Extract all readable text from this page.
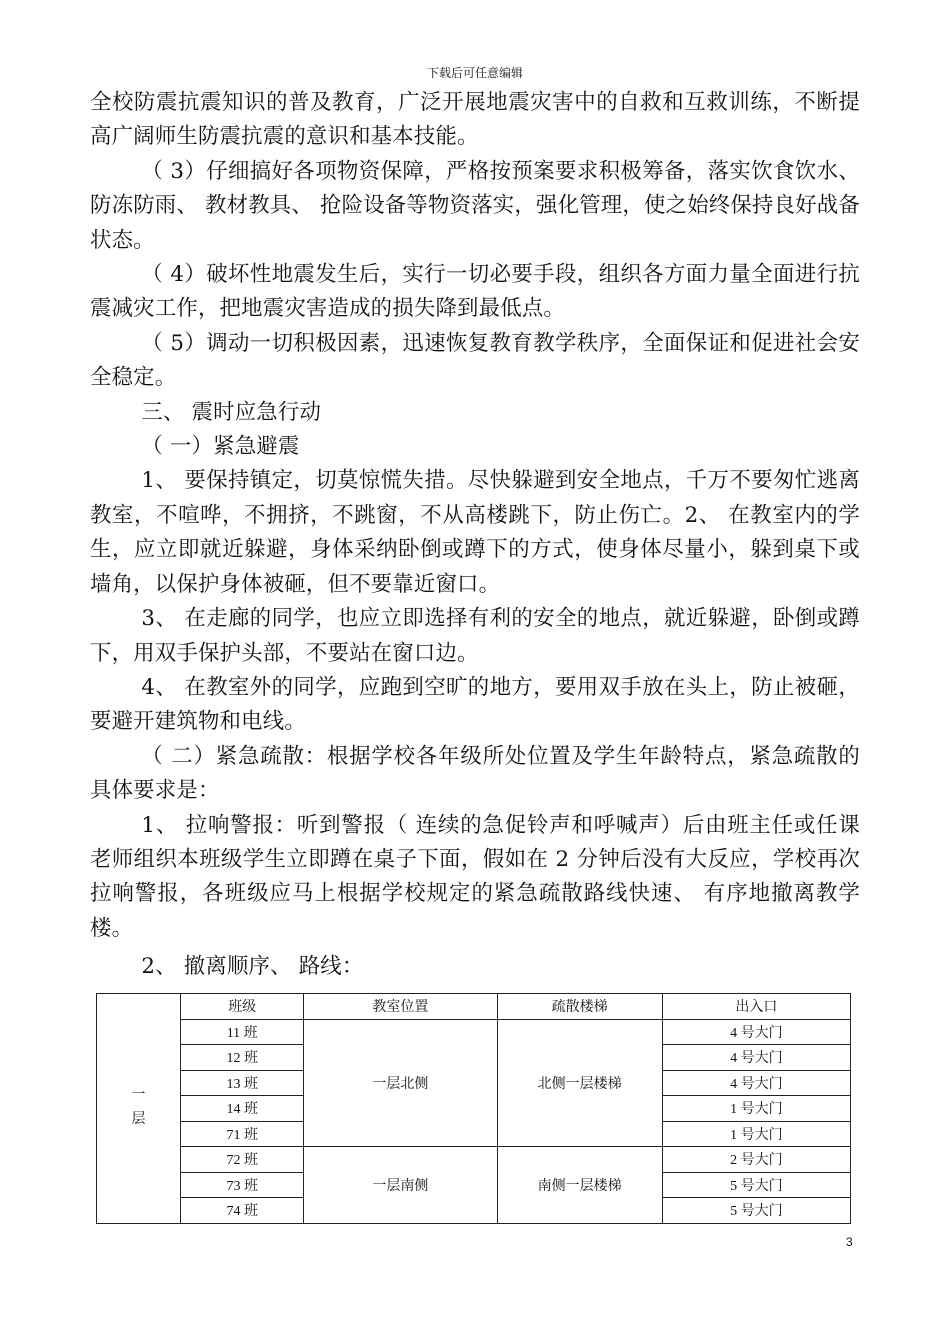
下载后可任意编辑

全校防震抗震知识的普及教育，广泛开展地震灾害中的自救和互救训练，不断提高广阔师生防震抗震的意识和基本技能。

（ 3）仔细搞好各项物资保障，严格按预案要求积极筹备，落实饮食饮水、 防冻防雨、 教材教具、 抢险设备等物资落实，强化管理，使之始终保持良好战备状态。

（ 4）破坏性地震发生后，实行一切必要手段，组织各方面力量全面进行抗震减灾工作，把地震灾害造成的损失降到最低点。

（ 5）调动一切积极因素，迅速恢复教育教学秩序，全面保证和促进社会安全稳定。

三、 震时应急行动

（ 一）紧急避震

1、 要保持镇定，切莫惊慌失措。尽快躲避到安全地点，千万不要匆忙逃离教室，不喧哗，不拥挤，不跳窗，不从高楼跳下，防止伤亡。2、 在教室内的学生，应立即就近躲避，身体采纳卧倒或蹲下的方式，使身体尽量小，躲到桌下或墙角，以保护身体被砸，但不要靠近窗口。

3、 在走廊的同学，也应立即选择有利的安全的地点，就近躲避，卧倒或蹲下，用双手保护头部，不要站在窗口边。

4、 在教室外的同学，应跑到空旷的地方，要用双手放在头上，防止被砸，要避开建筑物和电线。

（ 二）紧急疏散：根据学校各年级所处位置及学生年龄特点，紧急疏散的具体要求是：

1、 拉响警报：听到警报（ 连续的急促铃声和呼喊声）后由班主任或任课老师组织本班级学生立即蹲在桌子下面，假如在 2 分钟后没有大反应，学校再次拉响警报，各班级应马上根据学校规定的紧急疏散路线快速、 有序地撤离教学楼。

2、 撤离顺序、 路线：

一
层	班级	教室位置	疏散楼梯	出入口
	11 班	一层北侧	北侧一层楼梯	4 号大门
	12 班			4 号大门
	13 班			4 号大门
	14 班			1 号大门
	71 班			1 号大门
	72 班	一层南侧	南侧一层楼梯	2 号大门
	73 班			5 号大门
	74 班			5 号大门
3
